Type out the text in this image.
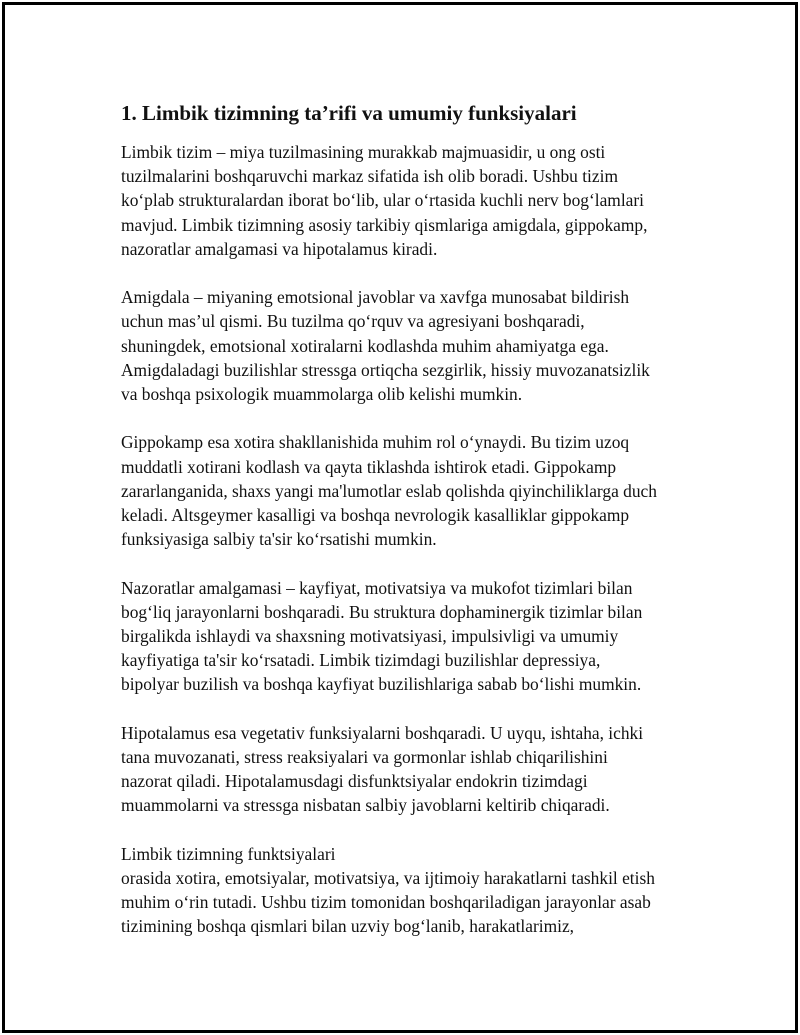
1. Limbik tizimning ta’rifi va umumiy funksiyalari

Limbik tizim – miya tuzilmasining murakkab majmuasidir, u ong osti
tuzilmalarini boshqaruvchi markaz sifatida ish olib boradi. Ushbu tizim
ko‘plab strukturalardan iborat bo‘lib, ular o‘rtasida kuchli nerv bog‘lamlari
mavjud. Limbik tizimning asosiy tarkibiy qismlariga amigdala, gippokamp,
nazoratlar amalgamasi va hipotalamus kiradi.

Amigdala – miyaning emotsional javoblar va xavfga munosabat bildirish
uchun mas’ul qismi. Bu tuzilma qo‘rquv va agresiyani boshqaradi,
shuningdek, emotsional xotiralarni kodlashda muhim ahamiyatga ega.
Amigdaladagi buzilishlar stressga ortiqcha sezgirlik, hissiy muvozanatsizlik
va boshqa psixologik muammolarga olib kelishi mumkin.

Gippokamp esa xotira shakllanishida muhim rol o‘ynaydi. Bu tizim uzoq
muddatli xotirani kodlash va qayta tiklashda ishtirok etadi. Gippokamp
zararlanganida, shaxs yangi ma'lumotlar eslab qolishda qiyinchiliklarga duch
keladi. Altsgeymer kasalligi va boshqa nevrologik kasalliklar gippokamp
funksiyasiga salbiy ta'sir ko‘rsatishi mumkin.

Nazoratlar amalgamasi – kayfiyat, motivatsiya va mukofot tizimlari bilan
bog‘liq jarayonlarni boshqaradi. Bu struktura dophaminergik tizimlar bilan
birgalikda ishlaydi va shaxsning motivatsiyasi, impulsivligi va umumiy
kayfiyatiga ta'sir ko‘rsatadi. Limbik tizimdagi buzilishlar depressiya,
bipolyar buzilish va boshqa kayfiyat buzilishlariga sabab bo‘lishi mumkin.

Hipotalamus esa vegetativ funksiyalarni boshqaradi. U uyqu, ishtaha, ichki
tana muvozanati, stress reaksiyalari va gormonlar ishlab chiqarilishini
nazorat qiladi. Hipotalamusdagi disfunktsiyalar endokrin tizimdagi
muammolarni va stressga nisbatan salbiy javoblarni keltirib chiqaradi.

Limbik tizimning funktsiyalari
orasida xotira, emotsiyalar, motivatsiya, va ijtimoiy harakatlarni tashkil etish
muhim o‘rin tutadi. Ushbu tizim tomonidan boshqariladigan jarayonlar asab
tizimining boshqa qismlari bilan uzviy bog‘lanib, harakatlarimiz,
